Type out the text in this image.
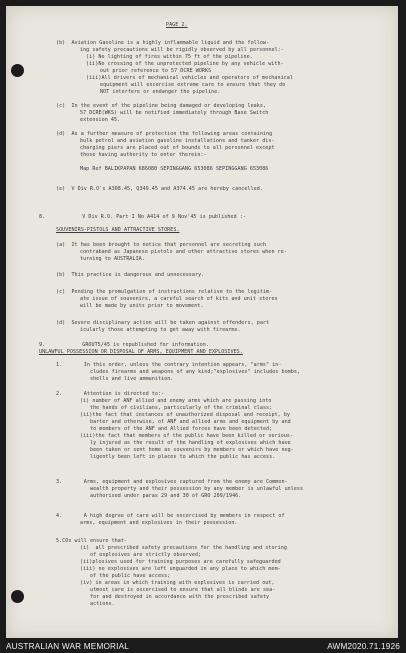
PAGE 2.
(b)  Aviation Gasoline is a highly inflammable liquid and the follow-
ing safety precautions will be rigidly observed by all personnel:-
(i) No lighting of fires within 75 ft of the pipeline.
(ii)No crossing of the unprotected pipeline by any vehicle with-
out prior reference to 57 DCRE WORKS
(iii)All drivers of mechanical vehicles and operators of mechanical
equipment will excercise extreme care to ensure that they do
NOT interfere or endanger the pipeline.
(c)  In the event of the pipeline being damaged or developing leaks,
57 DCRE(WKS) will be notified immediately through Base Switch
extension 45.
(d)  As a further measure of protection the following areas containing
bulk petrol and aviation gasoline installations and tanker dis-
charging piers are placed out of bounds to all personnel except
those having authority to enter therein:-
Map Ref BALIKPAPAN 686080 SEPINGGANG 653086 SEPINGGANG 653086
(e)  V Div R.O's A308.45, Q349.45 and A374.45 are hereby cancelled.
8.            V Div R.O. Part I No A414 of 9 Nov'45 is published :-
SOUVENIRS-PISTOLS AND ATTRACTIVE STORES.
(a)  It has been brought to notice that personnel are secreting such
contraband as Japanese pistols and other attractive stores when re-
turning to AUSTRALIA.
(b)  This practice is dangerous and unnecessary.
(c)  Pending the promulgation of instructions relative to the legitim-
ate issue of souvenirs, a careful search of kits and unit stores
will be made by units prior to movement.
(d)  Severe disciplinary action will be taken against offenders, part
icularly those attempting to get away with firearms.
9.            GROUT5/45 is republished for information.
UNLAWFUL POSSESSION OR DISPOSAL OF ARMS, EQUIPMENT AND EXPLOSIVES.
1.       In this order, unless the contrary intention appears, "arms" in-
cludes firearms and weapons of any kind;"explosives" includes bombs,
shells and live ammunition.
2.       Attention is directed to:-
(i) number of ANF allied and enemy arms which are passing into
the hands of civilians, particularly of the criminal class;
(ii)the fact that instances of unauthorized disposal and receipt, by
barter and otherwise, of ANF and allied arms and equipment by and
to members of the ANF and Allied forces have been detected;
(iii)the fact that members of the public have been killed or serious-
ly injured as the result of the handling of explosives which have
been taken or sent home as souvenirs by members or which have neg-
ligently been left in places to which the public has access.
3.       Arms, equipment and explosives captured from the enemy are Common-
wealth property and their possession by any member is unlawful unless
authorised under paras 29 and 30 of GRO 209/1946.
4.       A high degree of care will be excercised by members in respect of
arms, equipment and explosives in their possession.
5.COs will ensure that-
(i)  all prescribed safety precautions for the handling and storing
of explosives are strictly observed;
(ii)plosives used for training purposes are carefully safeguarded
(iii) no explosives are left unguarded in any place to which mem-
of the public have access;
(iv) in areas in which training with explosives is carried out,
utmost care is excercised to ensure that all blinds are sea-
for and destroyed in accordance with the prescribed safety
actions.
AUSTRALIAN WAR MEMORIAL	AWM2020.71.1926
